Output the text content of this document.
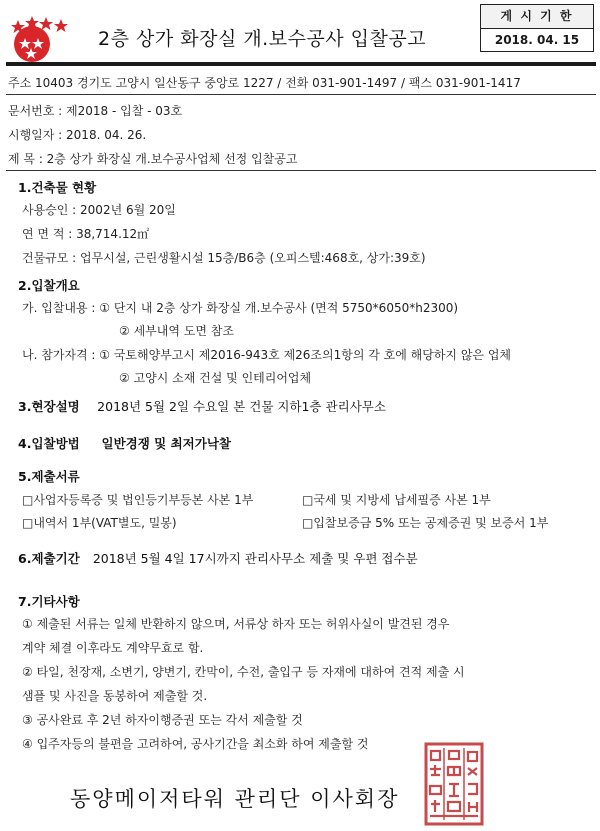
2층 상가 화장실 개.보수공사 입찰공고
게 시 기 한
2018. 04. 15
주소 10403 경기도 고양시 일산동구 중앙로 1227 / 전화 031-901-1497 / 팩스 031-901-1417
문서번호 : 제2018 - 입찰 - 03호
시행일자 : 2018. 04. 26.
제 목 : 2층 상가 화장실 개.보수공사업체 선정 입찰공고
1.건축물 현황
사용승인 : 2002년 6월 20일
연 면 적 : 38,714.12㎡
건물규모 : 업무시설, 근린생활시설 15층/B6층 (오피스텔:468호, 상가:39호)
2.입찰개요
가. 입찰내용 : ① 단지 내 2층 상가 화장실 개.보수공사 (면적 5750*6050*h2300)
② 세부내역 도면 참조
나. 참가자격 : ① 국토해양부고시 제2016-943호 제26조의1항의 각 호에 해당하지 않은 업체
② 고양시 소재 건설 및 인테리어업체
3.현장설명 2018년 5월 2일 수요일 본 건물 지하1층 관리사무소
4.입찰방법 일반경쟁 및 최저가낙찰
5.제출서류
□사업자등록증 및 법인등기부등본 사본 1부	□국세 및 지방세 납세필증 사본 1부
□내역서 1부(VAT별도, 밀봉)	□입찰보증금 5% 또는 공제증권 및 보증서 1부
6.제출기간 2018년 5월 4일 17시까지 관리사무소 제출 및 우편 접수분
7.기타사항
① 제출된 서류는 일체 반환하지 않으며, 서류상 하자 또는 허위사실이 발견된 경우
계약 체결 이후라도 계약무효로 함.
② 타일, 천장재, 소변기, 양변기, 칸막이, 수전, 출입구 등 자재에 대하여 견적 제출 시
샘플 및 사진을 동봉하여 제출할 것.
③ 공사완료 후 2년 하자이행증권 또는 각서 제출할 것
④ 입주자등의 불편을 고려하여, 공사기간을 최소화 하여 제출할 것
동양메이저타워 관리단 이사회장
